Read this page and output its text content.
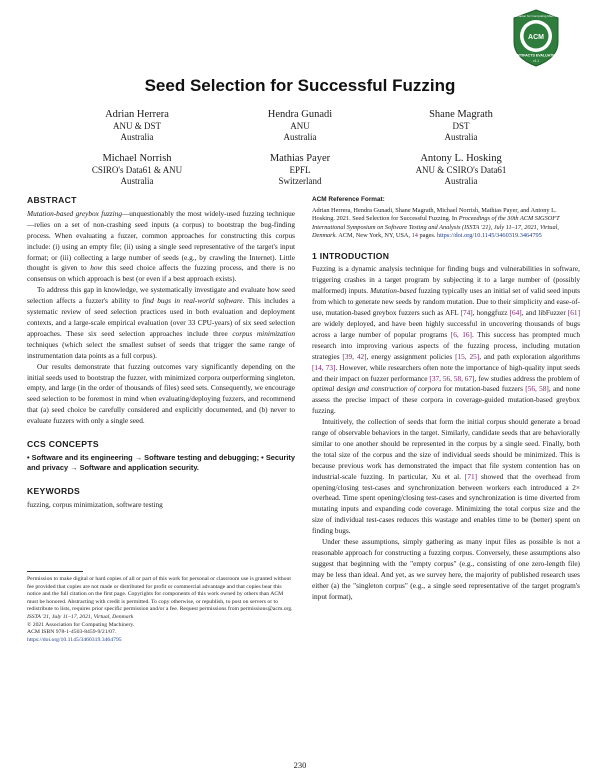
ACM
Association for Computing Machinery
ARTIFACTS EVALUATED
v1.1
Seed Selection for Successful Fuzzing
Adrian Herrera
ANU & DST
Australia
Hendra Gunadi
ANU
Australia
Shane Magrath
DST
Australia
Michael Norrish
CSIRO's Data61 & ANU
Australia
Mathias Payer
EPFL
Switzerland
Antony L. Hosking
ANU & CSIRO's Data61
Australia
ABSTRACT

Mutation-based greybox fuzzing—unquestionably the most widely-used fuzzing technique—relies on a set of non-crashing seed inputs (a corpus) to bootstrap the bug-finding process. When evaluating a fuzzer, common approaches for constructing this corpus include: (i) using an empty file; (ii) using a single seed representative of the target's input format; or (iii) collecting a large number of seeds (e.g., by crawling the Internet). Little thought is given to how this seed choice affects the fuzzing process, and there is no consensus on which approach is best (or even if a best approach exists).

To address this gap in knowledge, we systematically investigate and evaluate how seed selection affects a fuzzer's ability to find bugs in real-world software. This includes a systematic review of seed selection practices used in both evaluation and deployment contexts, and a large-scale empirical evaluation (over 33 CPU-years) of six seed selection approaches. These six seed selection approaches include three corpus minimization techniques (which select the smallest subset of seeds that trigger the same range of instrumentation data points as a full corpus).

Our results demonstrate that fuzzing outcomes vary significantly depending on the initial seeds used to bootstrap the fuzzer, with minimized corpora outperforming singleton, empty, and large (in the order of thousands of files) seed sets. Consequently, we encourage seed selection to be foremost in mind when evaluating/deploying fuzzers, and recommend that (a) seed choice be carefully considered and explicitly documented, and (b) never to evaluate fuzzers with only a single seed.

CCS CONCEPTS
• Software and its engineering → Software testing and debugging; • Security and privacy → Software and application security.
KEYWORDS
fuzzing, corpus minimization, software testing
Permission to make digital or hard copies of all or part of this work for personal or classroom use is granted without fee provided that copies are not made or distributed for profit or commercial advantage and that copies bear this notice and the full citation on the first page. Copyrights for components of this work owned by others than ACM must be honored. Abstracting with credit is permitted. To copy otherwise, or republish, to post on servers or to redistribute to lists, requires prior specific permission and/or a fee. Request permissions from permissions@acm.org.
ISSTA '21, July 11–17, 2021, Virtual, Denmark
© 2021 Association for Computing Machinery.
ACM ISBN 978-1-4503-8459-9/21/07.
https://doi.org/10.1145/3460319.3464795
ACM Reference Format:
Adrian Herrera, Hendra Gunadi, Shane Magrath, Michael Norrish, Mathias Payer, and Antony L. Hosking. 2021. Seed Selection for Successful Fuzzing. In Proceedings of the 30th ACM SIGSOFT International Symposium on Software Testing and Analysis (ISSTA '21), July 11–17, 2021, Virtual, Denmark. ACM, New York, NY, USA, 14 pages. https://doi.org/10.1145/3460319.3464795
1 INTRODUCTION

Fuzzing is a dynamic analysis technique for finding bugs and vulnerabilities in software, triggering crashes in a target program by subjecting it to a large number of (possibly malformed) inputs. Mutation-based fuzzing typically uses an initial set of valid seed inputs from which to generate new seeds by random mutation. Due to their simplicity and ease-of-use, mutation-based greybox fuzzers such as AFL [74], honggfuzz [64], and libFuzzer [61] are widely deployed, and have been highly successful in uncovering thousands of bugs across a large number of popular programs [6, 16]. This success has prompted much research into improving various aspects of the fuzzing process, including mutation strategies [39, 42], energy assignment policies [15, 25], and path exploration algorithms [14, 73]. However, while researchers often note the importance of high-quality input seeds and their impact on fuzzer performance [37, 56, 58, 67], few studies address the problem of optimal design and construction of corpora for mutation-based fuzzers [56, 58], and none assess the precise impact of these corpora in coverage-guided mutation-based greybox fuzzing.

Intuitively, the collection of seeds that form the initial corpus should generate a broad range of observable behaviors in the target. Similarly, candidate seeds that are behaviorally similar to one another should be represented in the corpus by a single seed. Finally, both the total size of the corpus and the size of individual seeds should be minimized. This is because previous work has demonstrated the impact that file system contention has on industrial-scale fuzzing. In particular, Xu et al. [71] showed that the overhead from opening/closing test-cases and synchronization between workers each introduced a 2× overhead. Time spent opening/closing test-cases and synchronization is time diverted from mutating inputs and expanding code coverage. Minimizing the total corpus size and the size of individual test-cases reduces this wastage and enables time to be (better) spent on finding bugs.

Under these assumptions, simply gathering as many input files as possible is not a reasonable approach for constructing a fuzzing corpus. Conversely, these assumptions also suggest that beginning with the "empty corpus" (e.g., consisting of one zero-length file) may be less than ideal. And yet, as we survey here, the majority of published research uses either (a) the "singleton corpus" (e.g., a single seed representative of the target program's input format),

230
